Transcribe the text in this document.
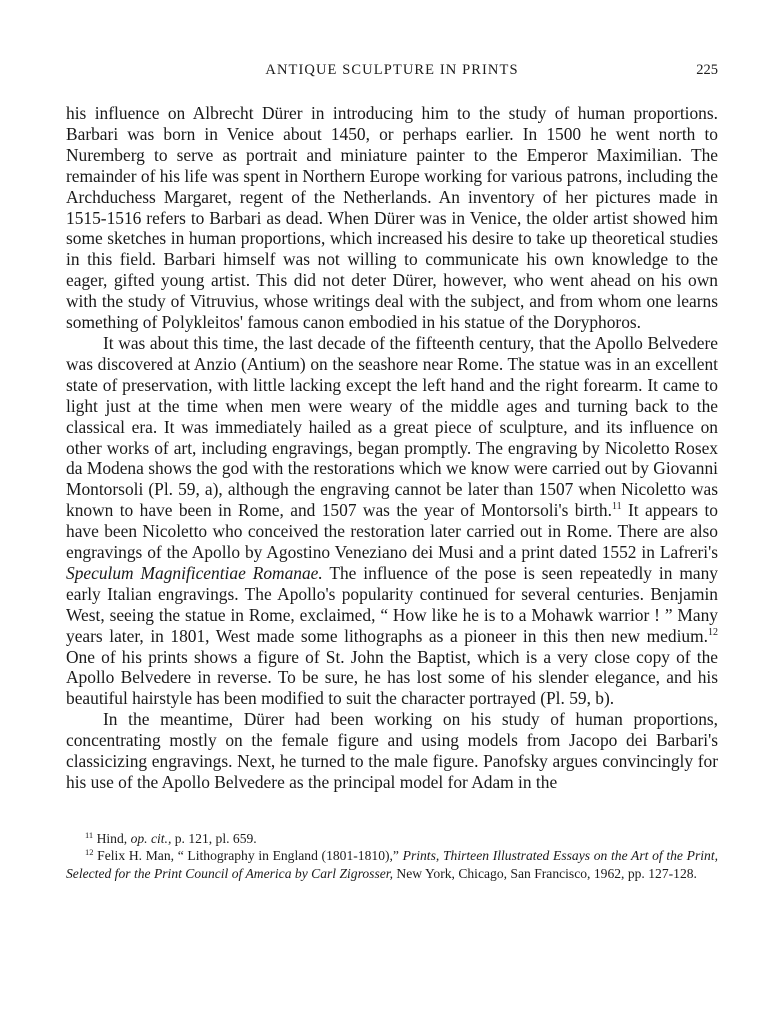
ANTIQUE SCULPTURE IN PRINTS	225

his influence on Albrecht Dürer in introducing him to the study of human proportions. Barbari was born in Venice about 1450, or perhaps earlier. In 1500 he went north to Nuremberg to serve as portrait and miniature painter to the Emperor Maximilian. The remainder of his life was spent in Northern Europe working for various patrons, including the Archduchess Margaret, regent of the Netherlands. An inventory of her pictures made in 1515-1516 refers to Barbari as dead. When Dürer was in Venice, the older artist showed him some sketches in human proportions, which increased his desire to take up theoretical studies in this field. Barbari himself was not willing to communicate his own knowledge to the eager, gifted young artist. This did not deter Dürer, however, who went ahead on his own with the study of Vitruvius, whose writings deal with the subject, and from whom one learns something of Polykleitos' famous canon embodied in his statue of the Doryphoros.

It was about this time, the last decade of the fifteenth century, that the Apollo Belvedere was discovered at Anzio (Antium) on the seashore near Rome. The statue was in an excellent state of preservation, with little lacking except the left hand and the right forearm. It came to light just at the time when men were weary of the middle ages and turning back to the classical era. It was immediately hailed as a great piece of sculpture, and its influence on other works of art, including engravings, began promptly. The engraving by Nicoletto Rosex da Modena shows the god with the restorations which we know were carried out by Giovanni Montorsoli (Pl. 59, a), although the engraving cannot be later than 1507 when Nicoletto was known to have been in Rome, and 1507 was the year of Montorsoli's birth.$^{11}$ It appears to have been Nicoletto who conceived the restoration later carried out in Rome. There are also engravings of the Apollo by Agostino Veneziano dei Musi and a print dated 1552 in Lafreri's Speculum Magnificentiae Romanae. The influence of the pose is seen repeatedly in many early Italian engravings. The Apollo's popularity continued for several centuries. Benjamin West, seeing the statue in Rome, exclaimed, “ How like he is to a Mohawk warrior ! ” Many years later, in 1801, West made some lithographs as a pioneer in this then new medium.$^{12}$ One of his prints shows a figure of St. John the Baptist, which is a very close copy of the Apollo Belvedere in reverse. To be sure, he has lost some of his slender elegance, and his beautiful hairstyle has been modified to suit the character portrayed (Pl. 59, b).

In the meantime, Dürer had been working on his study of human proportions, concentrating mostly on the female figure and using models from Jacopo dei Barbari's classicizing engravings. Next, he turned to the male figure. Panofsky argues convincingly for his use of the Apollo Belvedere as the principal model for Adam in the

$^{11}$ Hind, op. cit., p. 121, pl. 659.

$^{12}$ Felix H. Man, “ Lithography in England (1801-1810),” Prints, Thirteen Illustrated Essays on the Art of the Print, Selected for the Print Council of America by Carl Zigrosser, New York, Chicago, San Francisco, 1962, pp. 127-128.
